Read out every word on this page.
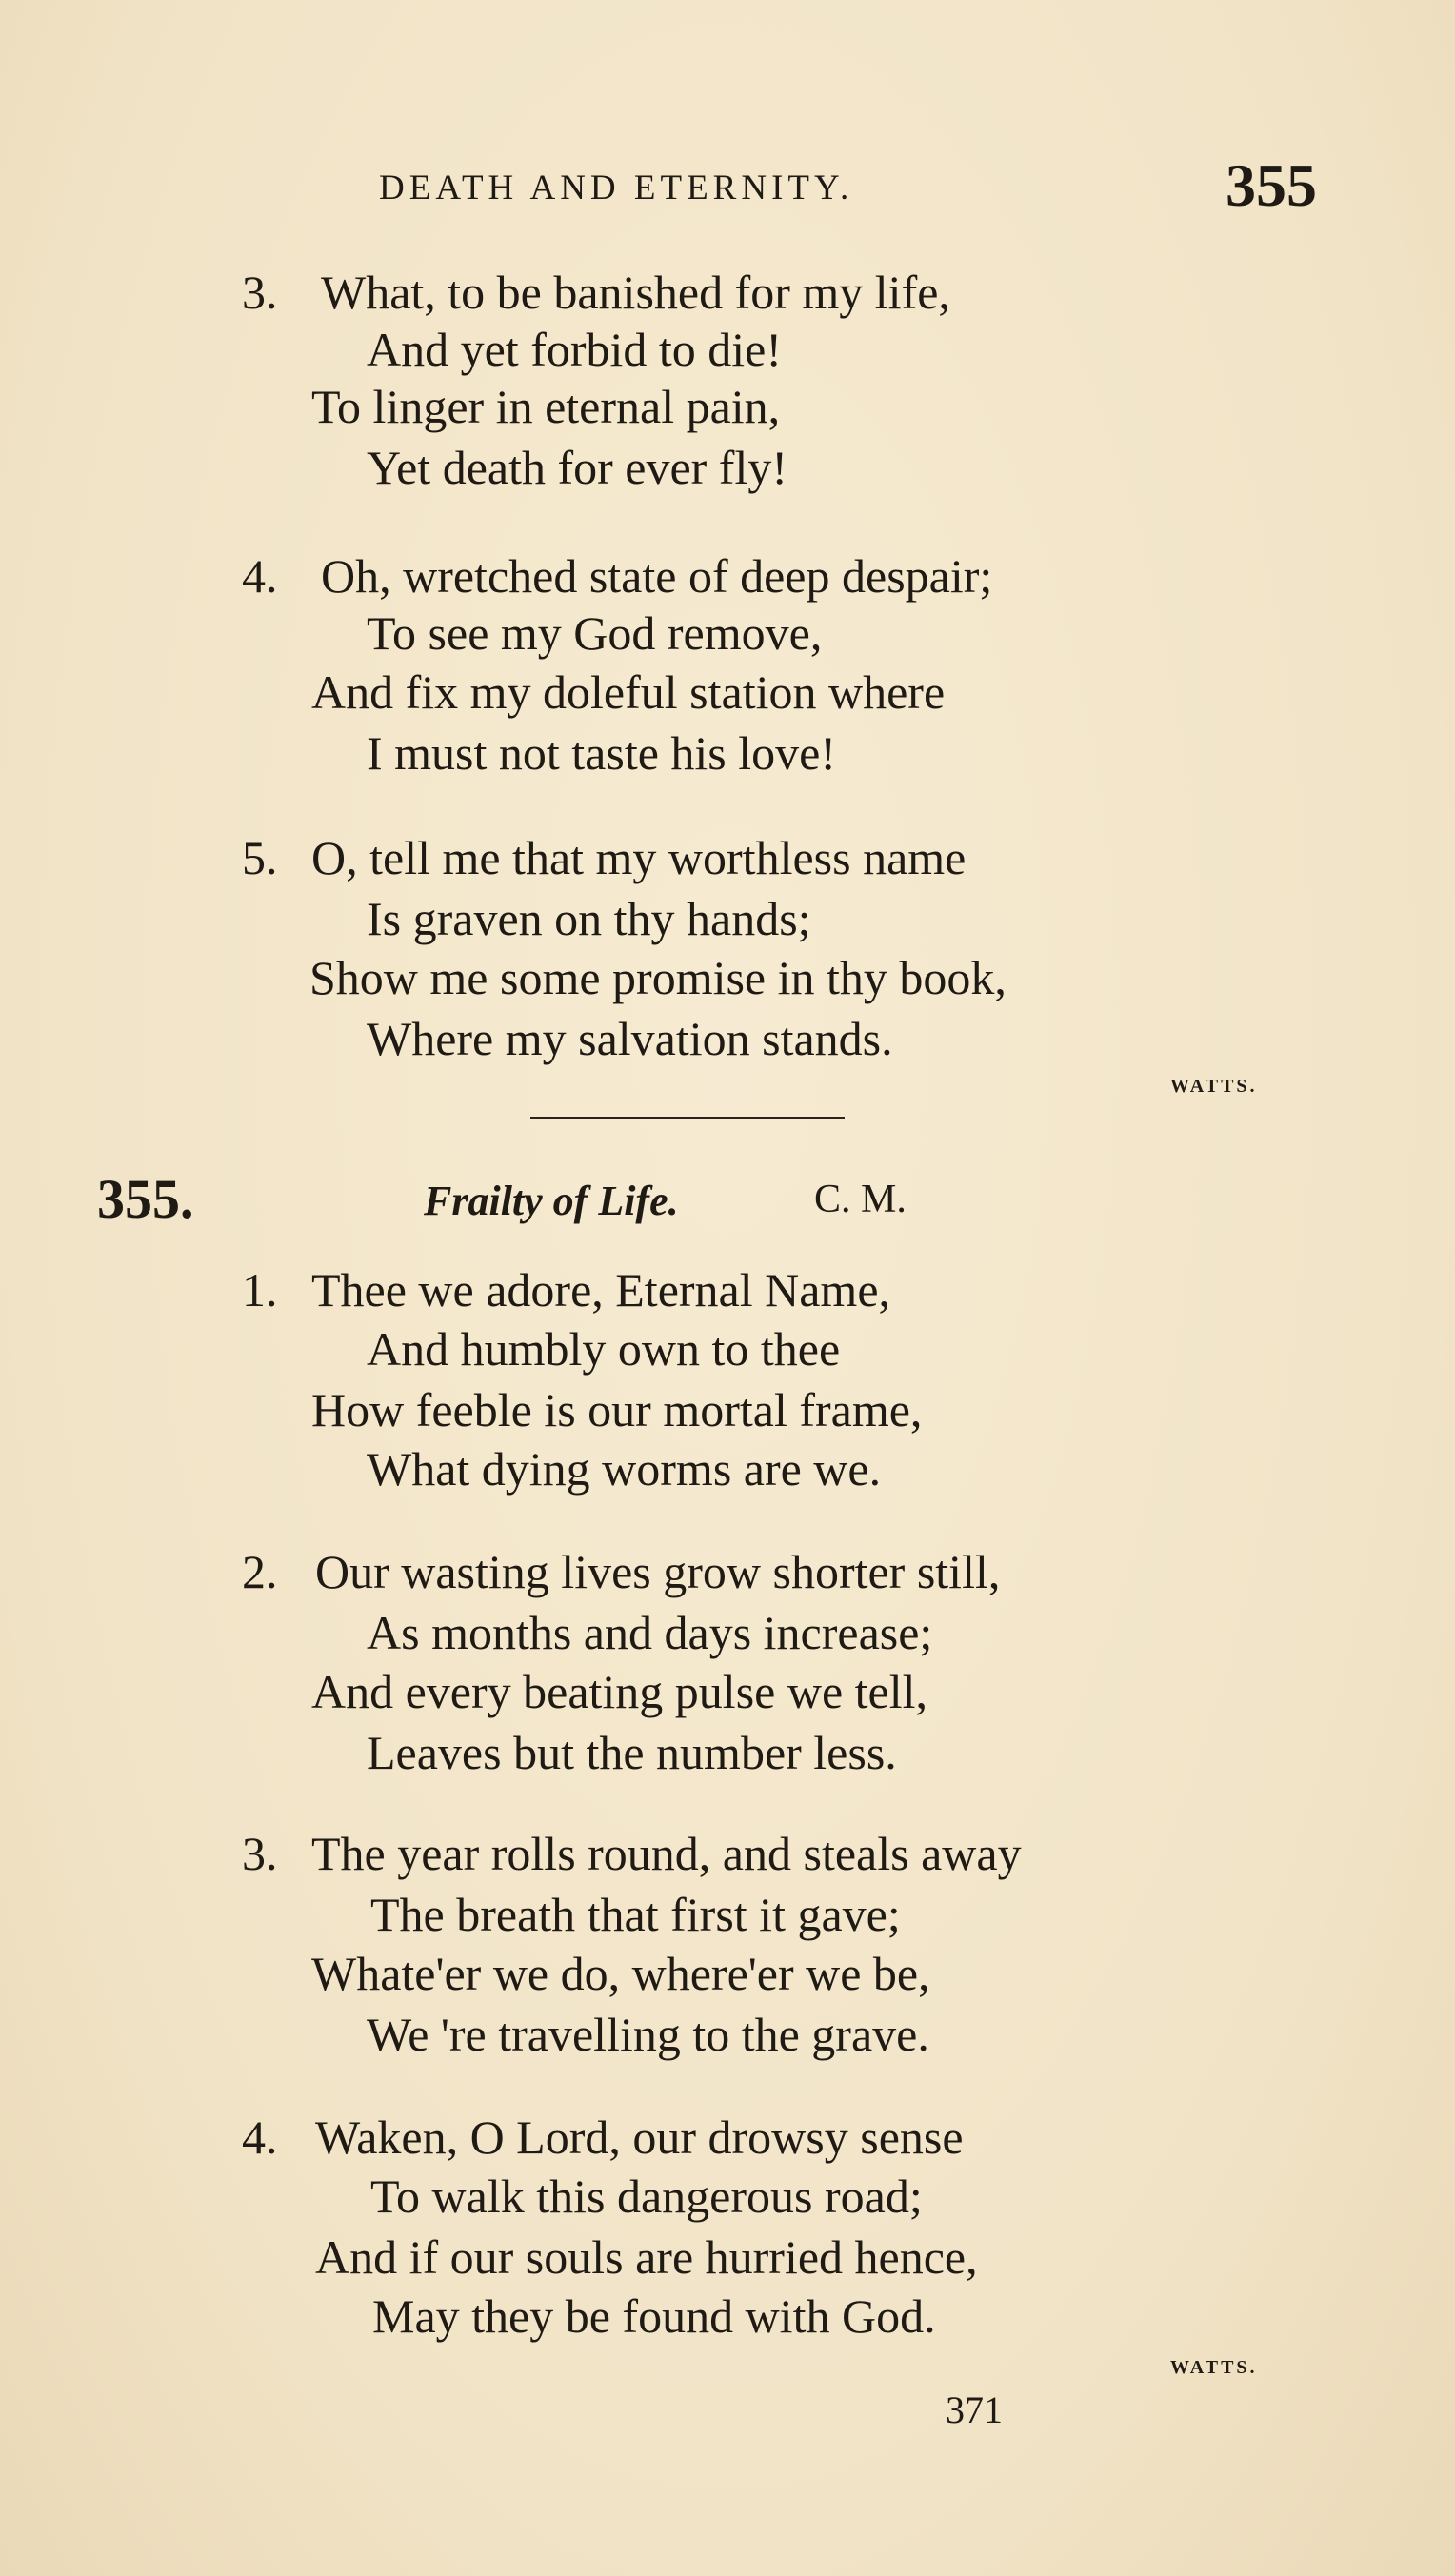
DEATH AND ETERNITY.	355
3. What, to be banished for my life,
And yet forbid to die!
To linger in eternal pain,
Yet death for ever fly!
4. Oh, wretched state of deep despair;
To see my God remove,
And fix my doleful station where
I must not taste his love!
5. O, tell me that my worthless name
Is graven on thy hands;
Show me some promise in thy book,
Where my salvation stands.
WATTS.
355.	Frailty of Life.	C. M.
1. Thee we adore, Eternal Name,
And humbly own to thee
How feeble is our mortal frame,
What dying worms are we.
2. Our wasting lives grow shorter still,
As months and days increase;
And every beating pulse we tell,
Leaves but the number less.
3. The year rolls round, and steals away
The breath that first it gave;
Whate'er we do, where'er we be,
We 're travelling to the grave.
4. Waken, O Lord, our drowsy sense
To walk this dangerous road;
And if our souls are hurried hence,
May they be found with God.
WATTS.
371
